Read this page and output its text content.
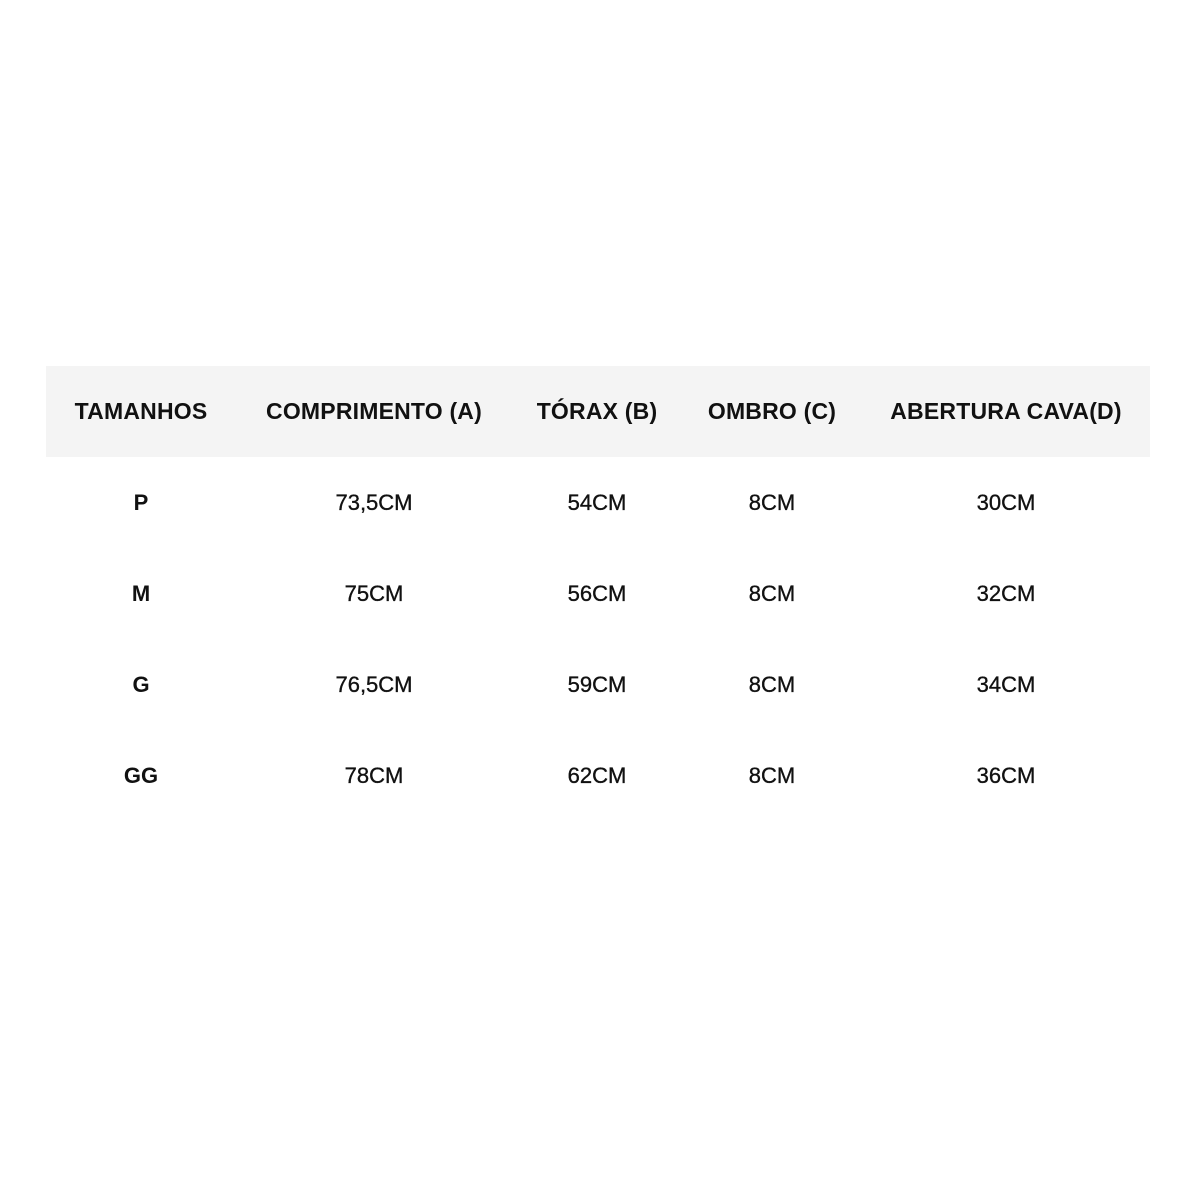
TAMANHOS	COMPRIMENTO (A)	TÓRAX (B)	OMBRO (C)	ABERTURA CAVA(D)
P	73,5CM	54CM	8CM	30CM
M	75CM	56CM	8CM	32CM
G	76,5CM	59CM	8CM	34CM
GG	78CM	62CM	8CM	36CM
